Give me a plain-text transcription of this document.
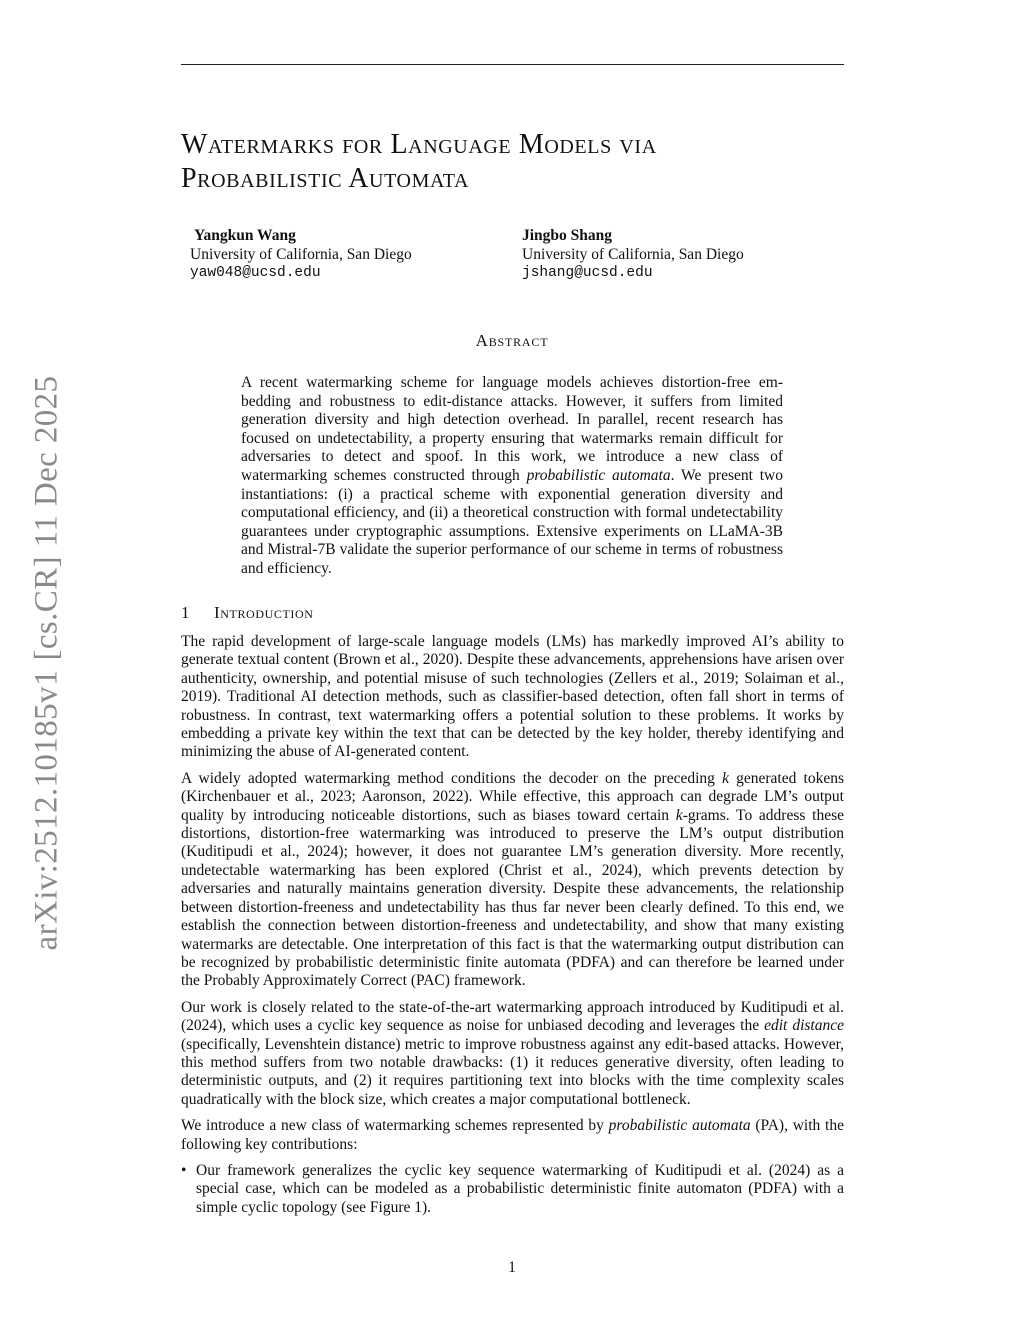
arXiv:2512.10185v1 [cs.CR] 11 Dec 2025
Watermarks for Language Models via
Probabilistic Automata
Yangkun Wang
University of California, San Diego
yaw048@ucsd.edu
Jingbo Shang
University of California, San Diego
jshang@ucsd.edu
Abstract
A recent watermarking scheme for language models achieves distortion-free embedding and robustness to edit-distance attacks. However, it suffers from limited generation diversity and high detection overhead. In parallel, recent research has focused on undetectability, a property ensuring that watermarks remain difficult for adversaries to detect and spoof. In this work, we introduce a new class of watermarking schemes constructed through probabilistic automata. We present two instantiations: (i) a practical scheme with exponential generation diversity and computational efficiency, and (ii) a theoretical construction with formal undetectability guarantees under cryptographic assumptions. Extensive experiments on LLaMA-3B and Mistral-7B validate the superior performance of our scheme in terms of robustness and efficiency.
1 Introduction

The rapid development of large-scale language models (LMs) has markedly improved AI’s ability to generate textual content (Brown et al., 2020). Despite these advancements, apprehensions have arisen over authenticity, ownership, and potential misuse of such technologies (Zellers et al., 2019; Solaiman et al., 2019). Traditional AI detection methods, such as classifier-based detection, often fall short in terms of robustness. In contrast, text watermarking offers a potential solution to these problems. It works by embedding a private key within the text that can be detected by the key holder, thereby identifying and minimizing the abuse of AI-generated content.

A widely adopted watermarking method conditions the decoder on the preceding k generated tokens (Kirchenbauer et al., 2023; Aaronson, 2022). While effective, this approach can degrade LM’s output quality by introducing noticeable distortions, such as biases toward certain k-grams. To address these distortions, distortion-free watermarking was introduced to preserve the LM’s output distribution (Kuditipudi et al., 2024); however, it does not guarantee LM’s generation diversity. More recently, undetectable watermarking has been explored (Christ et al., 2024), which prevents detection by adversaries and naturally maintains generation diversity. Despite these advancements, the relationship between distortion-freeness and undetectability has thus far never been clearly defined. To this end, we establish the connection between distortion-freeness and undetectability, and show that many existing watermarks are detectable. One interpretation of this fact is that the watermarking output distribution can be recognized by probabilistic deterministic finite automata (PDFA) and can therefore be learned under the Probably Approximately Correct (PAC) framework.

Our work is closely related to the state-of-the-art watermarking approach introduced by Kuditipudi et al. (2024), which uses a cyclic key sequence as noise for unbiased decoding and leverages the edit distance (specifically, Levenshtein distance) metric to improve robustness against any edit-based attacks. However, this method suffers from two notable drawbacks: (1) it reduces generative diversity, often leading to deterministic outputs, and (2) it requires partitioning text into blocks with the time complexity scales quadratically with the block size, which creates a major computational bottleneck.

We introduce a new class of watermarking schemes represented by probabilistic automata (PA), with the following key contributions:

• Our framework generalizes the cyclic key sequence watermarking of Kuditipudi et al. (2024) as a special case, which can be modeled as a probabilistic deterministic finite automaton (PDFA) with a simple cyclic topology (see Figure 1).
1
